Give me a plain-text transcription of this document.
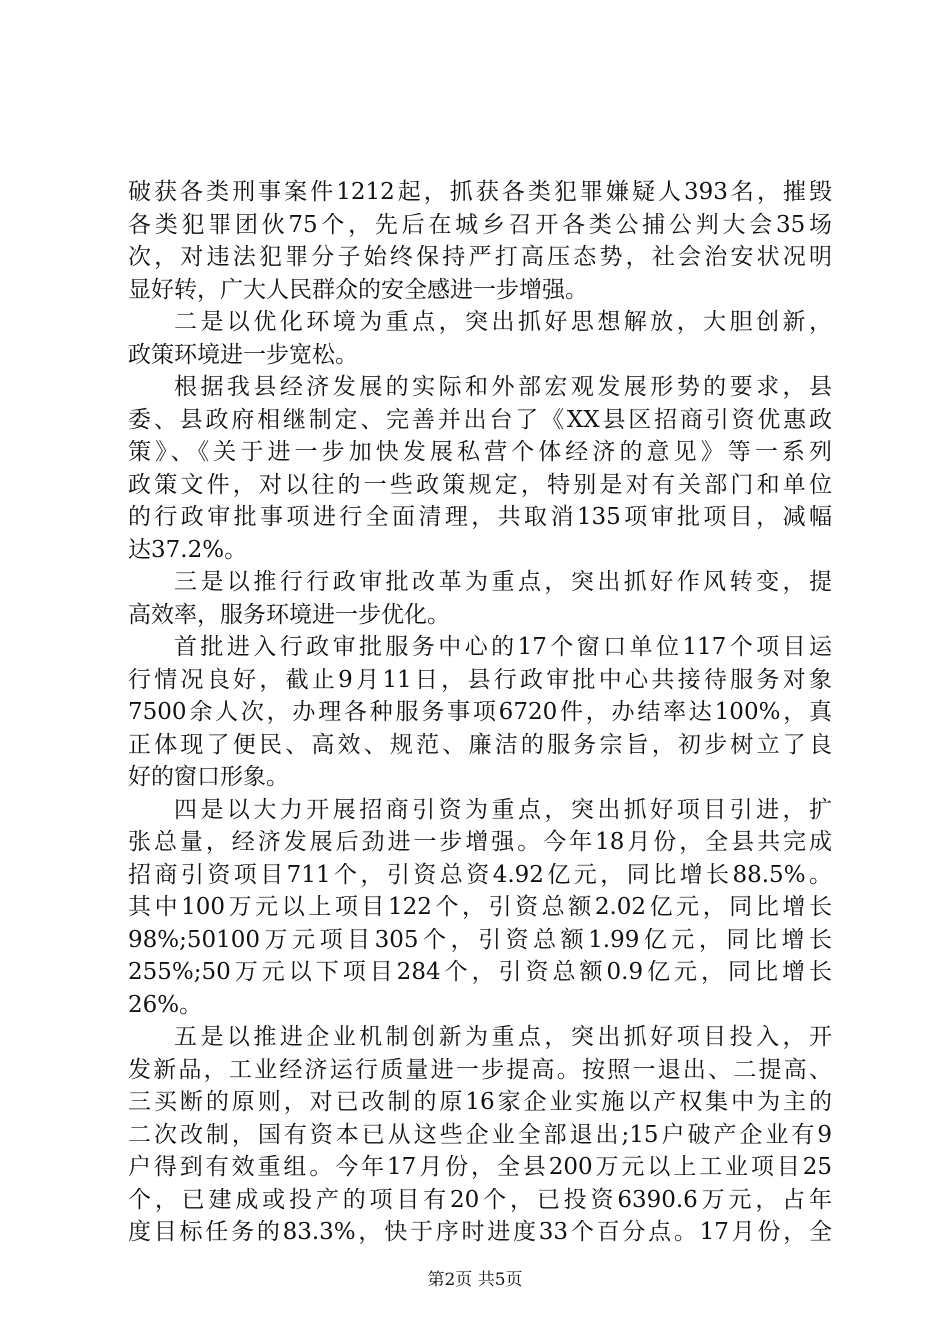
破获各类刑事案件1212起，抓获各类犯罪嫌疑人393名，摧毁
各类犯罪团伙75个，先后在城乡召开各类公捕公判大会35场
次，对违法犯罪分子始终保持严打高压态势，社会治安状况明
显好转，广大人民群众的安全感进一步增强。
二是以优化环境为重点，突出抓好思想解放，大胆创新，
政策环境进一步宽松。
根据我县经济发展的实际和外部宏观发展形势的要求，县
委、县政府相继制定、完善并出台了《XX县区招商引资优惠政
策》、《关于进一步加快发展私营个体经济的意见》等一系列
政策文件，对以往的一些政策规定，特别是对有关部门和单位
的行政审批事项进行全面清理，共取消135项审批项目，减幅
达37.2%。
三是以推行行政审批改革为重点，突出抓好作风转变，提
高效率，服务环境进一步优化。
首批进入行政审批服务中心的17个窗口单位117个项目运
行情况良好，截止9月11日，县行政审批中心共接待服务对象
7500余人次，办理各种服务事项6720件，办结率达100%，真
正体现了便民、高效、规范、廉洁的服务宗旨，初步树立了良
好的窗口形象。
四是以大力开展招商引资为重点，突出抓好项目引进，扩
张总量，经济发展后劲进一步增强。今年18月份，全县共完成
招商引资项目711个，引资总资4.92亿元，同比增长88.5%。
其中100万元以上项目122个，引资总额2.02亿元，同比增长
98%;50100万元项目305个，引资总额1.99亿元，同比增长
255%;50万元以下项目284个，引资总额0.9亿元，同比增长
26%。
五是以推进企业机制创新为重点，突出抓好项目投入，开
发新品，工业经济运行质量进一步提高。按照一退出、二提高、
三买断的原则，对已改制的原16家企业实施以产权集中为主的
二次改制，国有资本已从这些企业全部退出;15户破产企业有9
户得到有效重组。今年17月份，全县200万元以上工业项目25
个，已建成或投产的项目有20个，已投资6390.6万元，占年
度目标任务的83.3%，快于序时进度33个百分点。17月份，全
第2页 共5页
